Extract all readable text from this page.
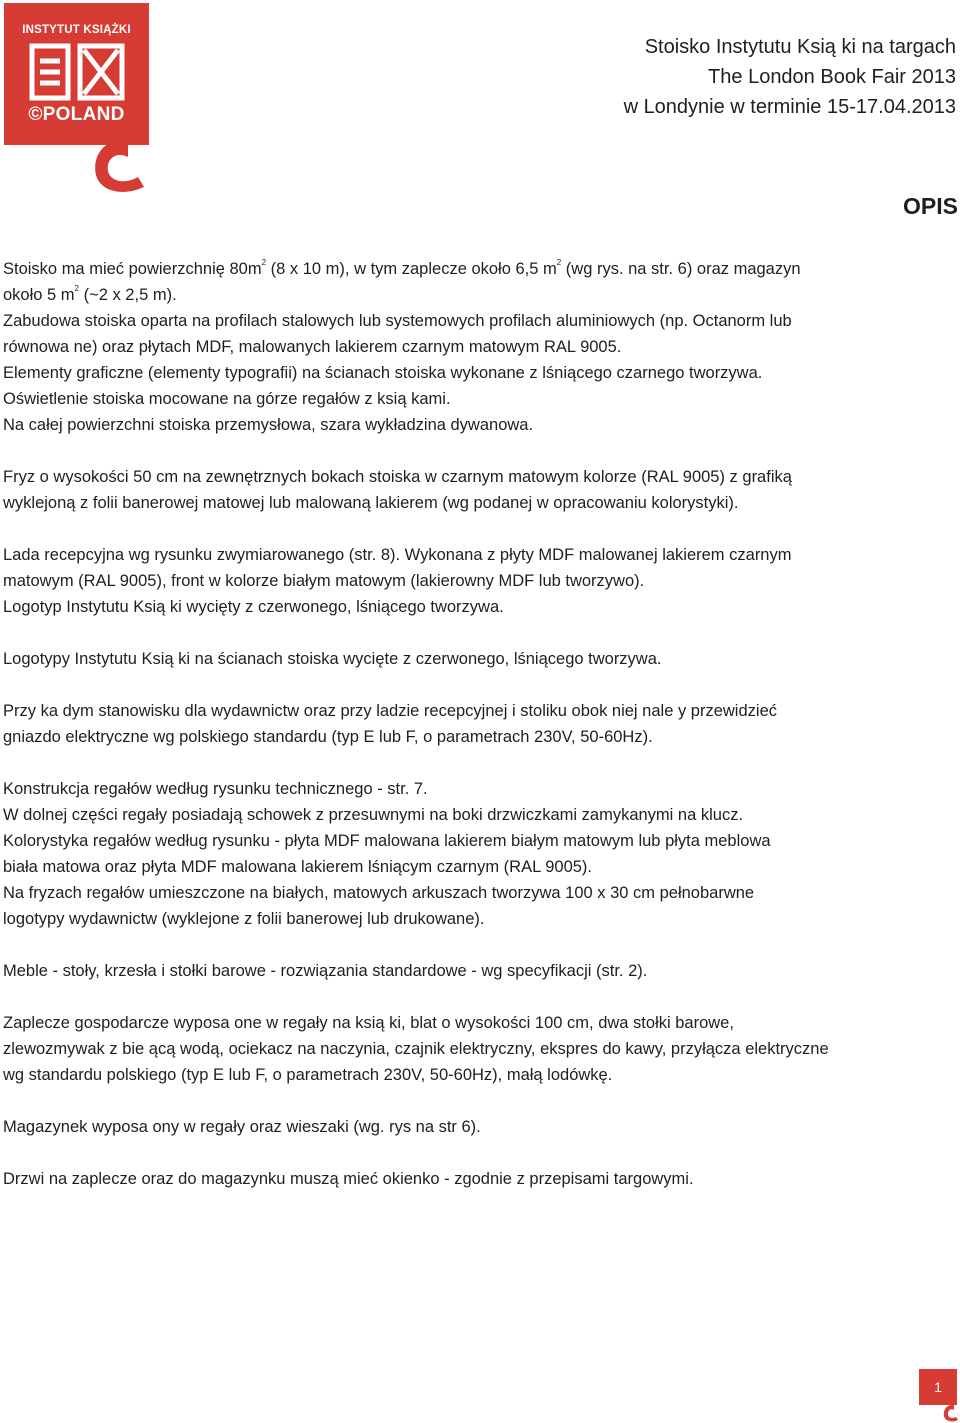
INSTYTUT KSIĄŻKI
©POLAND
Stoisko Instytutu Ksią ki na targach
The London Book Fair 2013
w Londynie w terminie 15-17.04.2013
OPIS
Stoisko ma mieć powierzchnię $80m^2$ (8 x 10 m), w tym zaplecze około 6,5 $m^2$ (wg rys. na str. 6) oraz magazyn
około 5 $m^2$ (~2 x 2,5 m).
Zabudowa stoiska oparta na profilach stalowych lub systemowych profilach aluminiowych (np. Octanorm lub
równowa ne) oraz płytach MDF, malowanych lakierem czarnym matowym RAL 9005.
Elementy graficzne (elementy typografii) na ścianach stoiska wykonane z lśniącego czarnego tworzywa.
Oświetlenie stoiska mocowane na górze regałów z ksią kami.
Na całej powierzchni stoiska przemysłowa, szara wykładzina dywanowa.
Fryz o wysokości 50 cm na zewnętrznych bokach stoiska w czarnym matowym kolorze (RAL 9005) z grafiką
wyklejoną z folii banerowej matowej lub malowaną lakierem (wg podanej w opracowaniu kolorystyki).
Lada recepcyjna wg rysunku zwymiarowanego (str. 8). Wykonana z płyty MDF malowanej lakierem czarnym
matowym (RAL 9005), front w kolorze białym matowym (lakierowny MDF lub tworzywo).
Logotyp Instytutu Ksią ki wycięty z czerwonego, lśniącego tworzywa.
Logotypy Instytutu Ksią ki na ścianach stoiska wycięte z czerwonego, lśniącego tworzywa.
Przy ka dym stanowisku dla wydawnictw oraz przy ladzie recepcyjnej i stoliku obok niej nale y przewidzieć
gniazdo elektryczne wg polskiego standardu (typ E lub F, o parametrach 230V, 50-60Hz).
Konstrukcja regałów według rysunku technicznego - str. 7.
W dolnej części regały posiadają schowek z przesuwnymi na boki drzwiczkami zamykanymi na klucz.
Kolorystyka regałów według rysunku - płyta MDF malowana lakierem białym matowym lub płyta meblowa
biała matowa oraz płyta MDF malowana lakierem lśniącym czarnym (RAL 9005).
Na fryzach regałów umieszczone na białych, matowych arkuszach tworzywa 100 x 30 cm pełnobarwne
logotypy wydawnictw (wyklejone z folii banerowej lub drukowane).
Meble - stoły, krzesła i stołki barowe - rozwiązania standardowe - wg specyfikacji (str. 2).
Zaplecze gospodarcze wyposa one w regały na ksią ki, blat o wysokości 100 cm, dwa stołki barowe,
zlewozmywak z bie ącą wodą, ociekacz na naczynia, czajnik elektryczny, ekspres do kawy, przyłącza elektryczne
wg standardu polskiego (typ E lub F, o parametrach 230V, 50-60Hz), małą lodówkę.
Magazynek wyposa ony w regały oraz wieszaki (wg. rys na str 6).
Drzwi na zaplecze oraz do magazynku muszą mieć okienko - zgodnie z przepisami targowymi.
1
